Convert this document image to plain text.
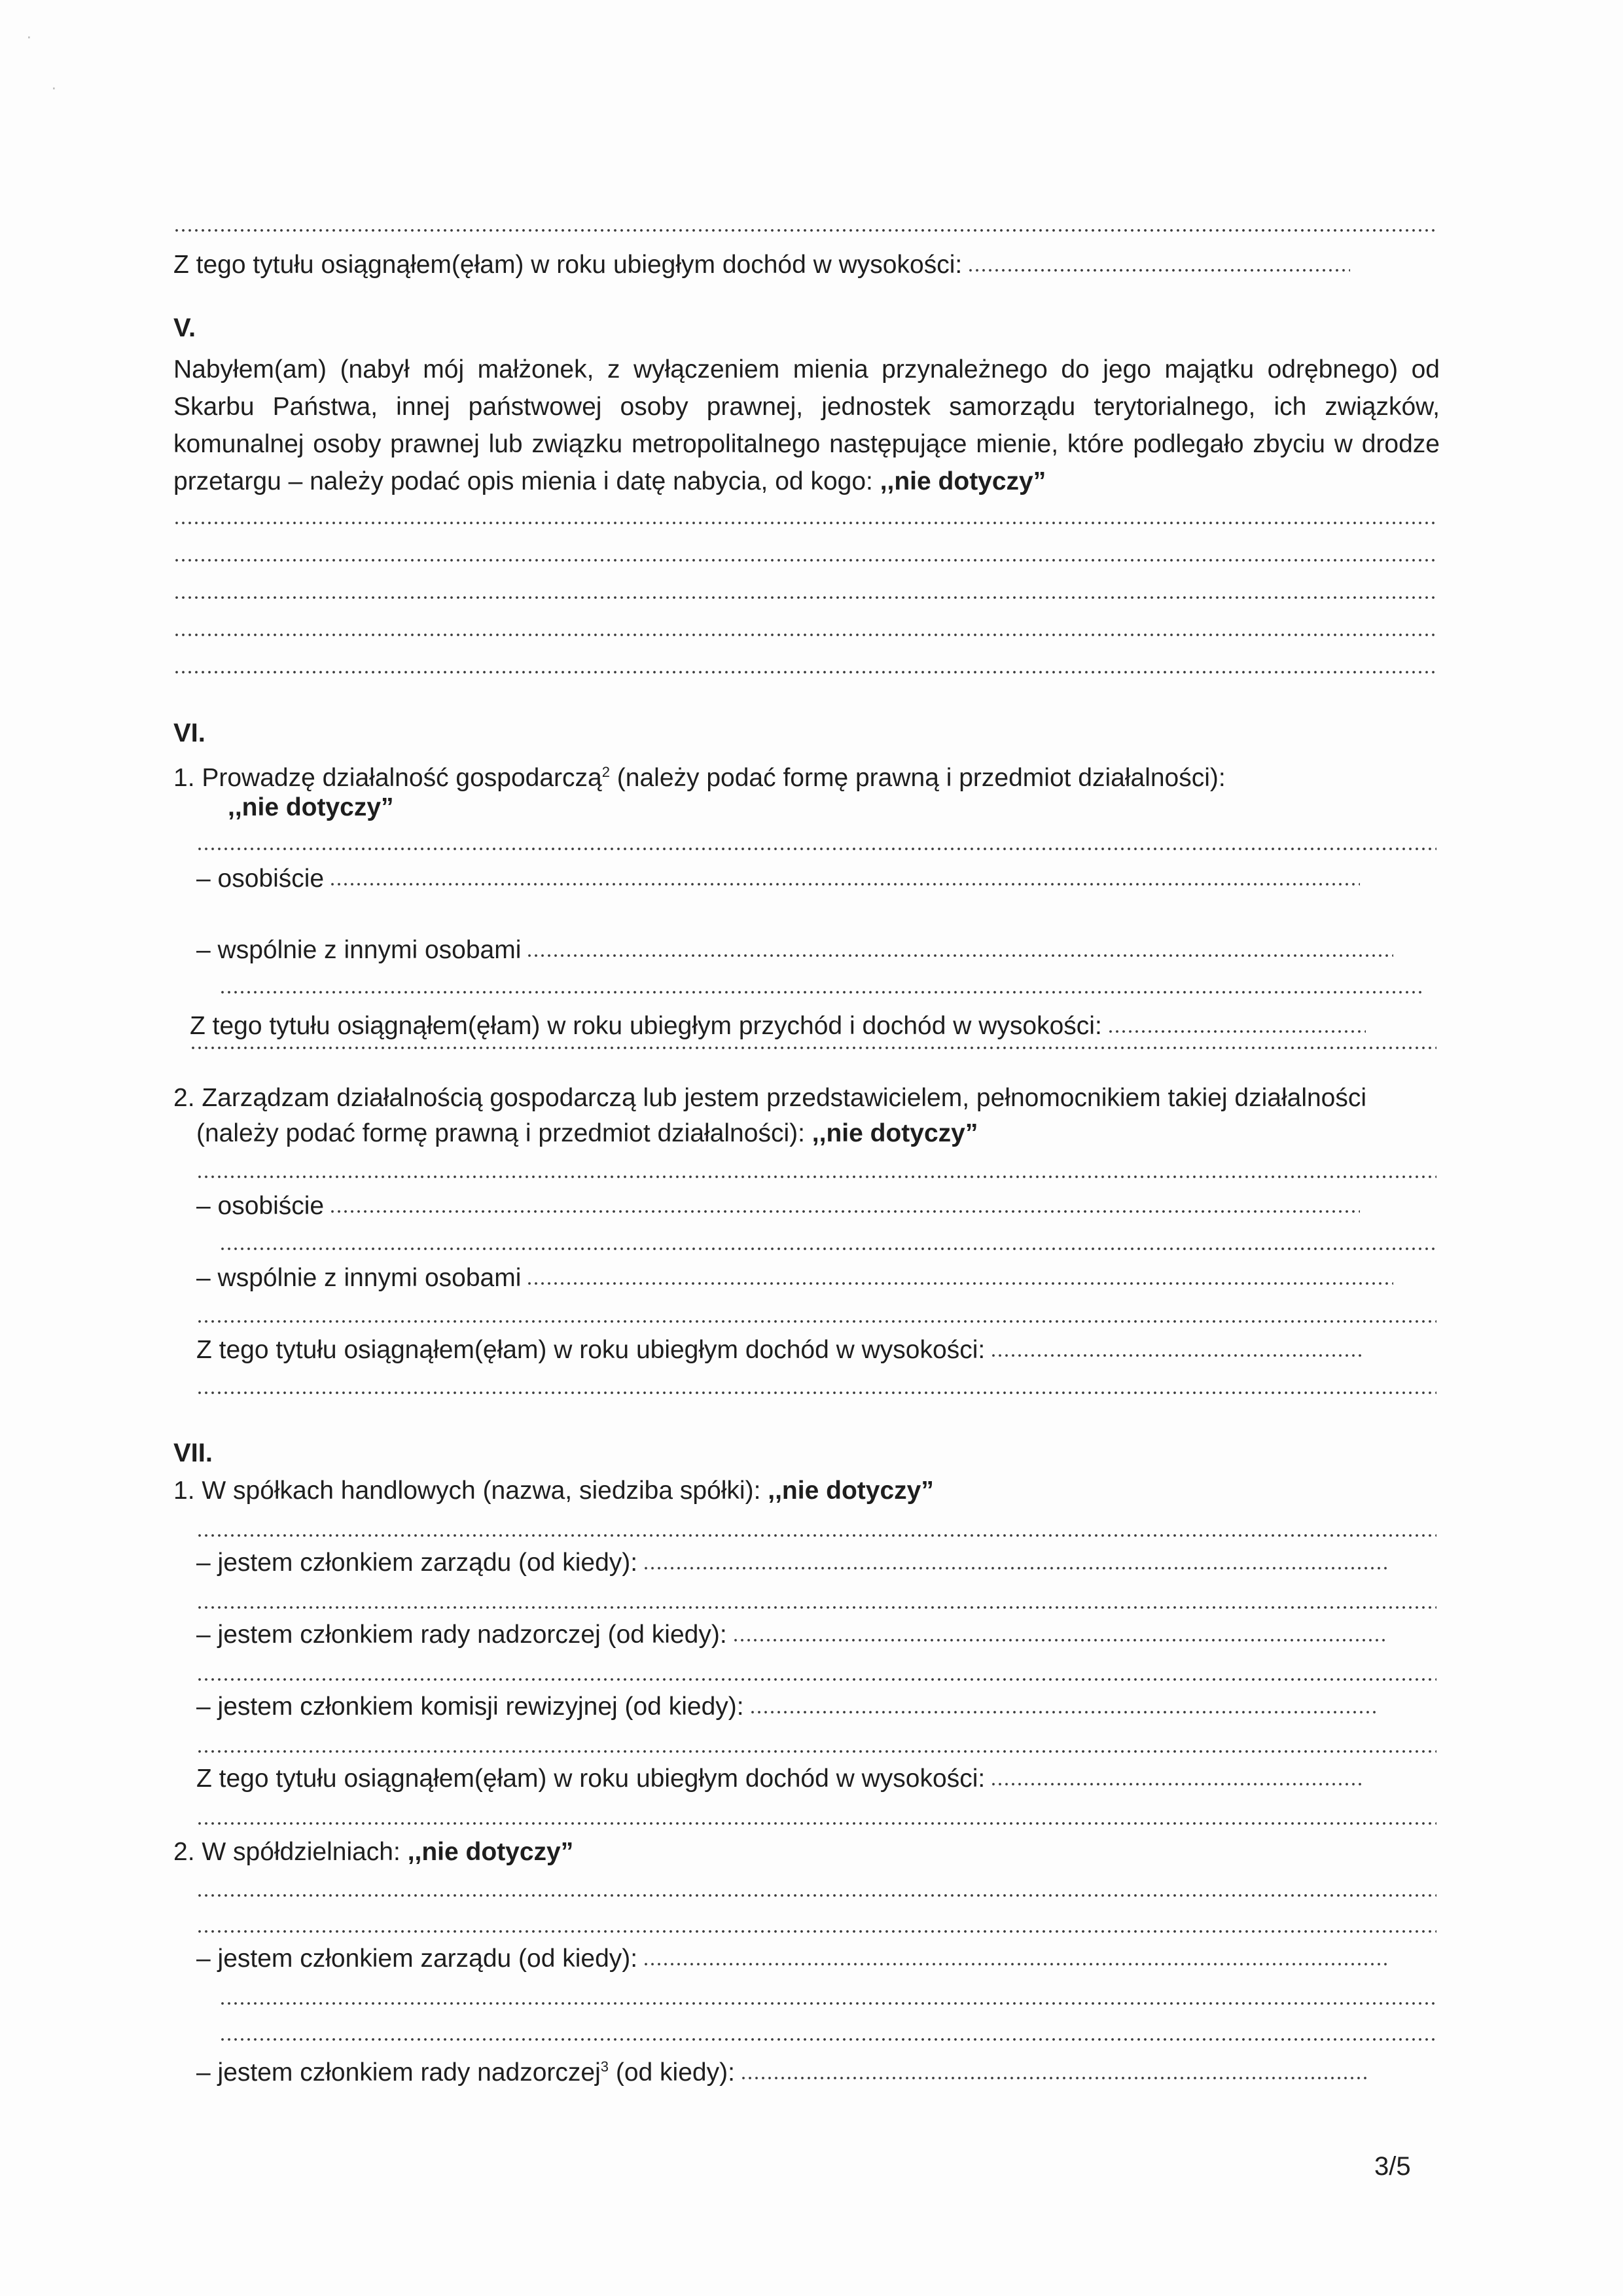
·
·
Z tego tytułu osiągnąłem(ęłam) w roku ubiegłym dochód w wysokości:
V.
Nabyłem(am) (nabył mój małżonek, z wyłączeniem mienia przynależnego do jego majątku odrębnego) od Skarbu Państwa, innej państwowej osoby prawnej, jednostek samorządu terytorialnego, ich związków, komunalnej osoby prawnej lub związku metropolitalnego następujące mienie, które podlegało zbyciu w drodze przetargu – należy podać opis mienia i datę nabycia, od kogo: ,,nie dotyczy”
VI.
1. Prowadzę działalność gospodarczą$^2$ (należy podać formę prawną i przedmiot działalności):
,,nie dotyczy”
– osobiście
– wspólnie z innymi osobami
Z tego tytułu osiągnąłem(ęłam) w roku ubiegłym przychód i dochód w wysokości:
2. Zarządzam działalnością gospodarczą lub jestem przedstawicielem, pełnomocnikiem takiej działalności
(należy podać formę prawną i przedmiot działalności): ,,nie dotyczy”
– osobiście
– wspólnie z innymi osobami
Z tego tytułu osiągnąłem(ęłam) w roku ubiegłym dochód w wysokości:
VII.
1. W spółkach handlowych (nazwa, siedziba spółki): ,,nie dotyczy”
– jestem członkiem zarządu (od kiedy):
– jestem członkiem rady nadzorczej (od kiedy):
– jestem członkiem komisji rewizyjnej (od kiedy):
Z tego tytułu osiągnąłem(ęłam) w roku ubiegłym dochód w wysokości:
2. W spółdzielniach: ,,nie dotyczy”
– jestem członkiem zarządu (od kiedy):
– jestem członkiem rady nadzorczej$^3$ (od kiedy):
3/5
